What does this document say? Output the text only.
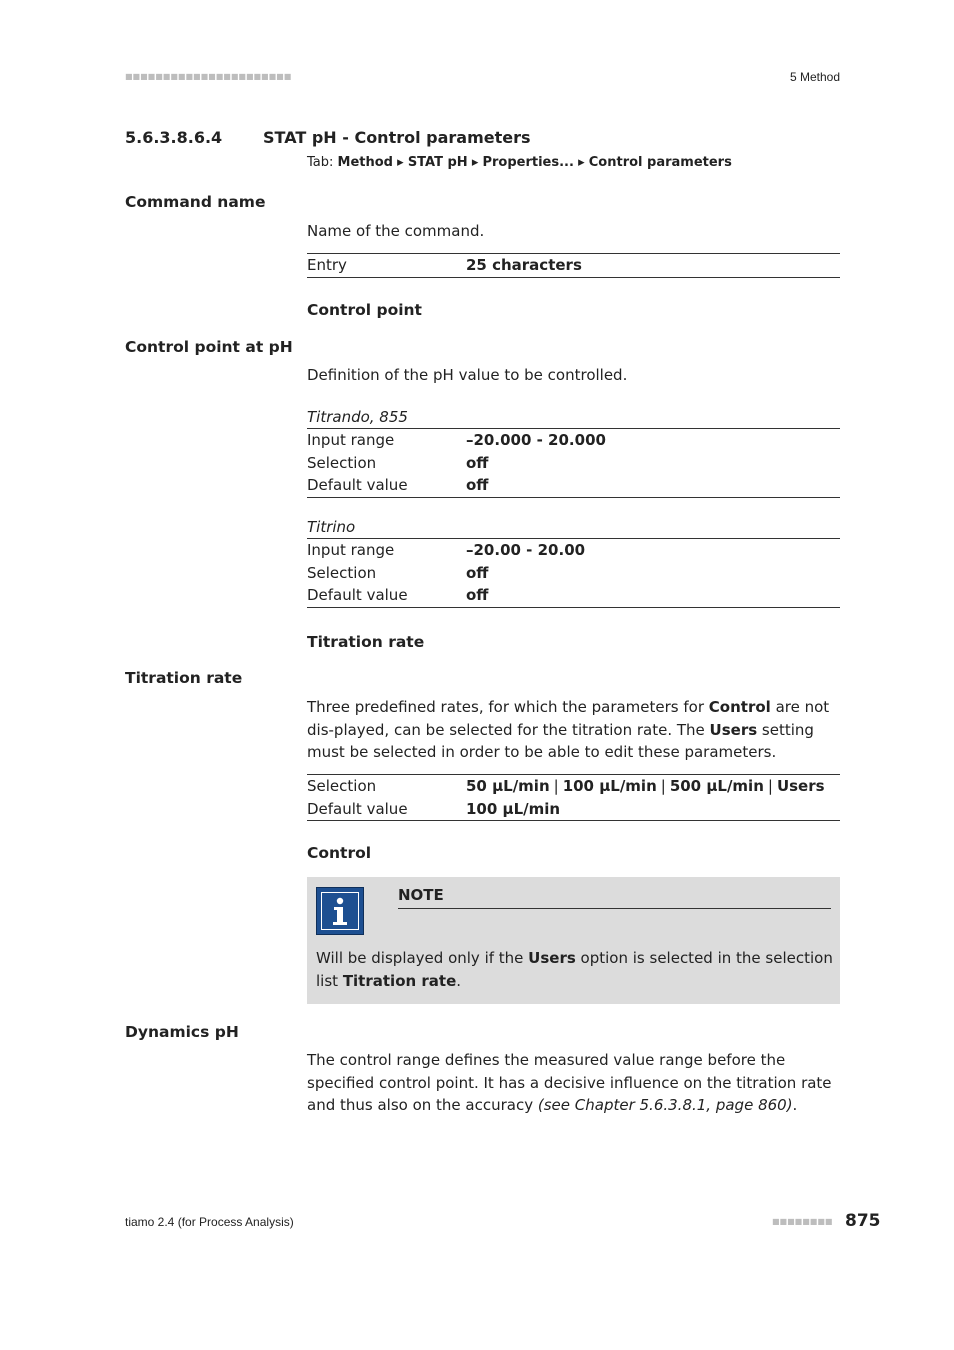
■■■■■■■■■■■■■■■■■■■■■■	5 Method
5.6.3.8.6.4	STAT pH - Control parameters
Tab: Method ▸ STAT pH ▸ Properties... ▸ Control parameters
Command name
Name of the command.
Entry	25 characters
Control point
Control point at pH
Definition of the pH value to be controlled.
Titrando, 855
Input range	–20.000 - 20.000
Selection	off
Default value	off
Titrino
Input range	–20.00 - 20.00
Selection	off
Default value	off
Titration rate
Titration rate
Three predefined rates, for which the parameters for Control are not dis-played, can be selected for the titration rate. The Users setting must be selected in order to be able to edit these parameters.
Selection	50 µL/min | 100 µL/min | 500 µL/min | Users
Default value	100 µL/min
Control
NOTE
Will be displayed only if the Users option is selected in the selection list Titration rate.
Dynamics pH
The control range defines the measured value range before the specified control point. It has a decisive influence on the titration rate and thus also on the accuracy (see Chapter 5.6.3.8.1, page 860).
tiamo 2.4 (for Process Analysis)	■■■■■■■■ 875
